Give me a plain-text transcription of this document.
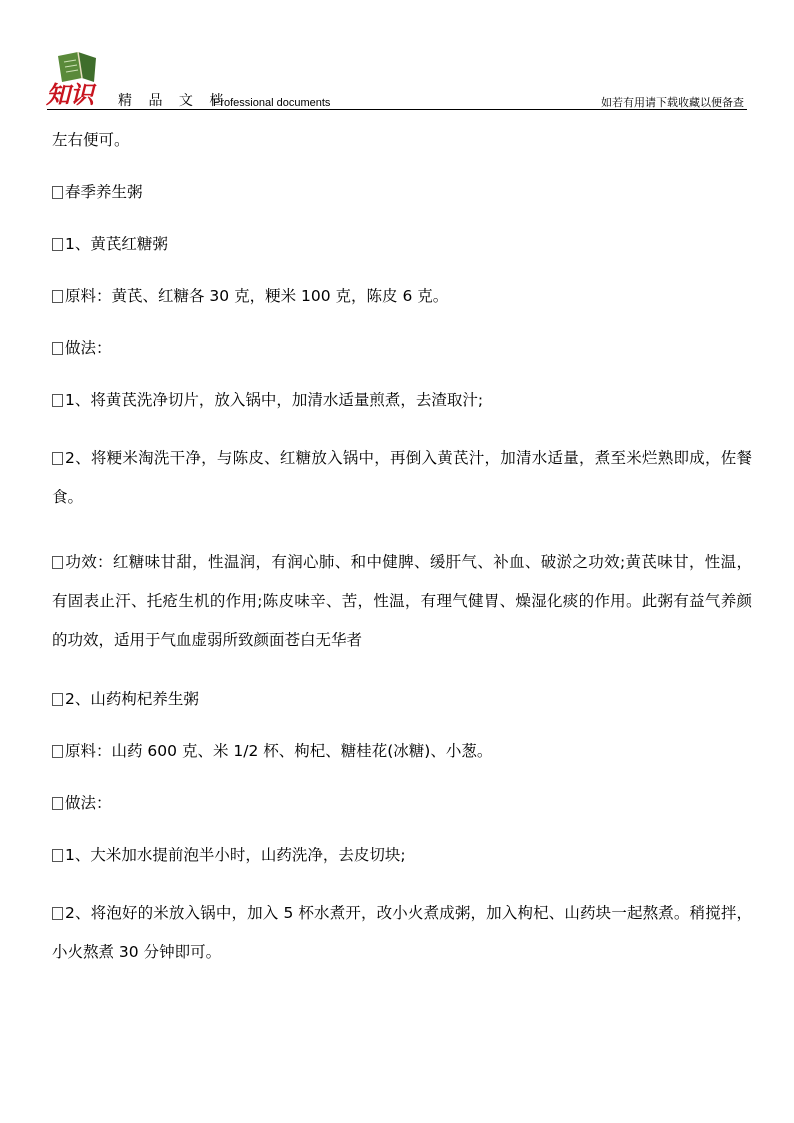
知识 精 品 文 档
Professional documents	如若有用请下载收藏以便备查

左右便可。

春季养生粥

1、黄芪红糖粥

原料：黄芪、红糖各 30 克，粳米 100 克，陈皮 6 克。

做法：

1、将黄芪洗净切片，放入锅中，加清水适量煎煮，去渣取汁;

2、将粳米淘洗干净，与陈皮、红糖放入锅中，再倒入黄芪汁，加清水适量，煮至米烂熟即成，佐餐食。

功效：红糖味甘甜，性温润，有润心肺、和中健脾、缓肝气、补血、破淤之功效;黄芪味甘，性温，有固表止汗、托疮生机的作用;陈皮味辛、苦，性温，有理气健胃、燥湿化痰的作用。此粥有益气养颜的功效，适用于气血虚弱所致颜面苍白无华者

2、山药枸杞养生粥

原料：山药 600 克、米 1/2 杯、枸杞、糖桂花(冰糖)、小葱。

做法：

1、大米加水提前泡半小时，山药洗净，去皮切块;

2、将泡好的米放入锅中，加入 5 杯水煮开，改小火煮成粥，加入枸杞、山药块一起熬煮。稍搅拌，小火熬煮 30 分钟即可。
